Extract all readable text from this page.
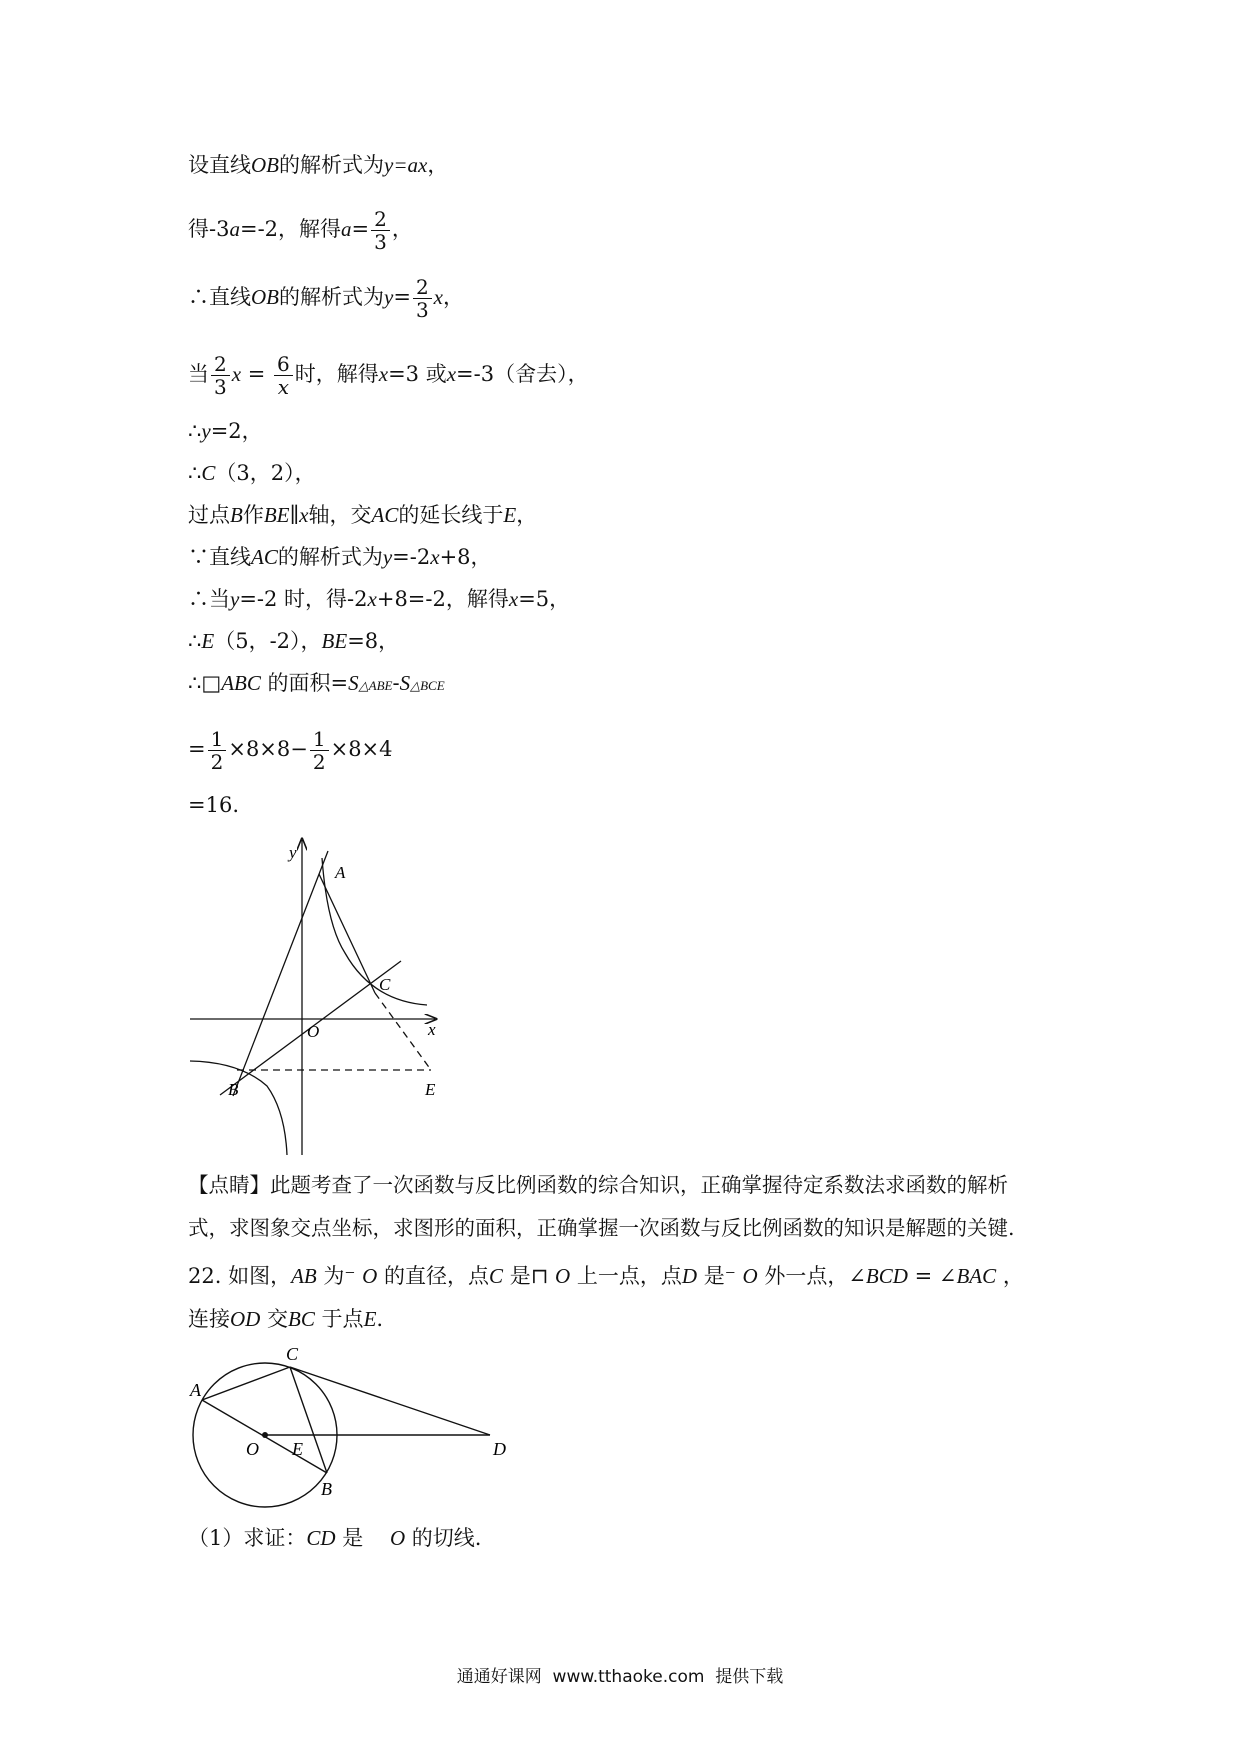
设直线OB的解析式为y=ax，
得-3a=-2，解得$a= \frac{2}{3}$ ，
∴直线OB的解析式为$y= \frac{2}{3}$ x，
当 $\frac{2}{3}$ $x = \frac{6}{x}$ 时，解得x=3 或x=-3（舍去），
∴y=2，
∴C（3，2），
过点B作BE∥x轴，交AC的延长线于E，
∵直线AC的解析式为y=-2x+8，
∴当y=-2 时，得-2x+8=-2，解得x=5，
∴E（5，-2），BE=8，
∴□ABC 的面积=S△ABE-S△BCE
= $\frac{1}{2} \times 8\times 8- \frac{1}{2} \times 8\times 4$
=16.
y
x
O
A
C
B	E
【点睛】此题考查了一次函数与反比例函数的综合知识，正确掌握待定系数法求函数的解析
式，求图象交点坐标，求图形的面积，正确掌握一次函数与反比例函数的知识是解题的关键.
22. 如图，AB 为⁻ O 的直径，点C 是⊓ O 上一点，点D 是⁻ O 外一点，∠BCD = ∠BAC ，
连接OD 交BC 于点E.
A
C
O E	D
B
（1）求证：CD 是    O 的切线.
通通好课网  www.tthaoke.com  提供下载
